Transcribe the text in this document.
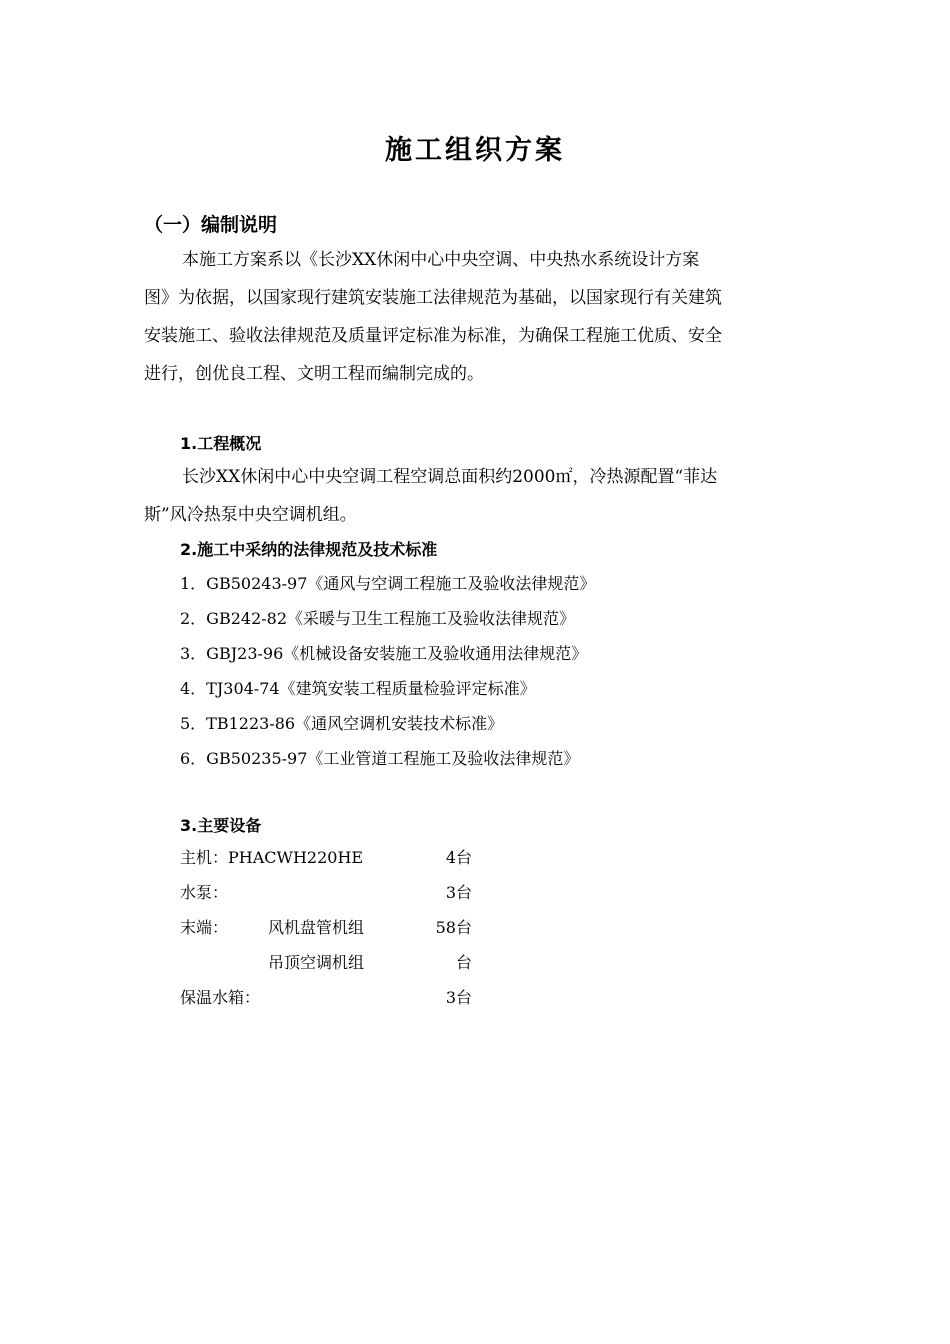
施工组织方案
（一）编制说明
本施工方案系以《长沙XX休闲中心中央空调、中央热水系统设计方案
图》为依据，以国家现行建筑安装施工法律规范为基础，以国家现行有关建筑
安装施工、验收法律规范及质量评定标准为标准，为确保工程施工优质、安全
进行，创优良工程、文明工程而编制完成的。
1.工程概况
长沙XX休闲中心中央空调工程空调总面积约2000㎡，冷热源配置“菲达
斯”风冷热泵中央空调机组。
2.施工中采纳的法律规范及技术标准
1．GB50243-97《通风与空调工程施工及验收法律规范》
2．GB242-82《采暖与卫生工程施工及验收法律规范》
3．GBJ23-96《机械设备安装施工及验收通用法律规范》
4．TJ304-74《建筑安装工程质量检验评定标准》
5．TB1223-86《通风空调机安装技术标准》
6．GB50235-97《工业管道工程施工及验收法律规范》
3.主要设备
主机：PHACWH220HE	4台
水泵：	3台
末端： 风机盘管机组	58台
吊顶空调机组	台
保温水箱：	3台
